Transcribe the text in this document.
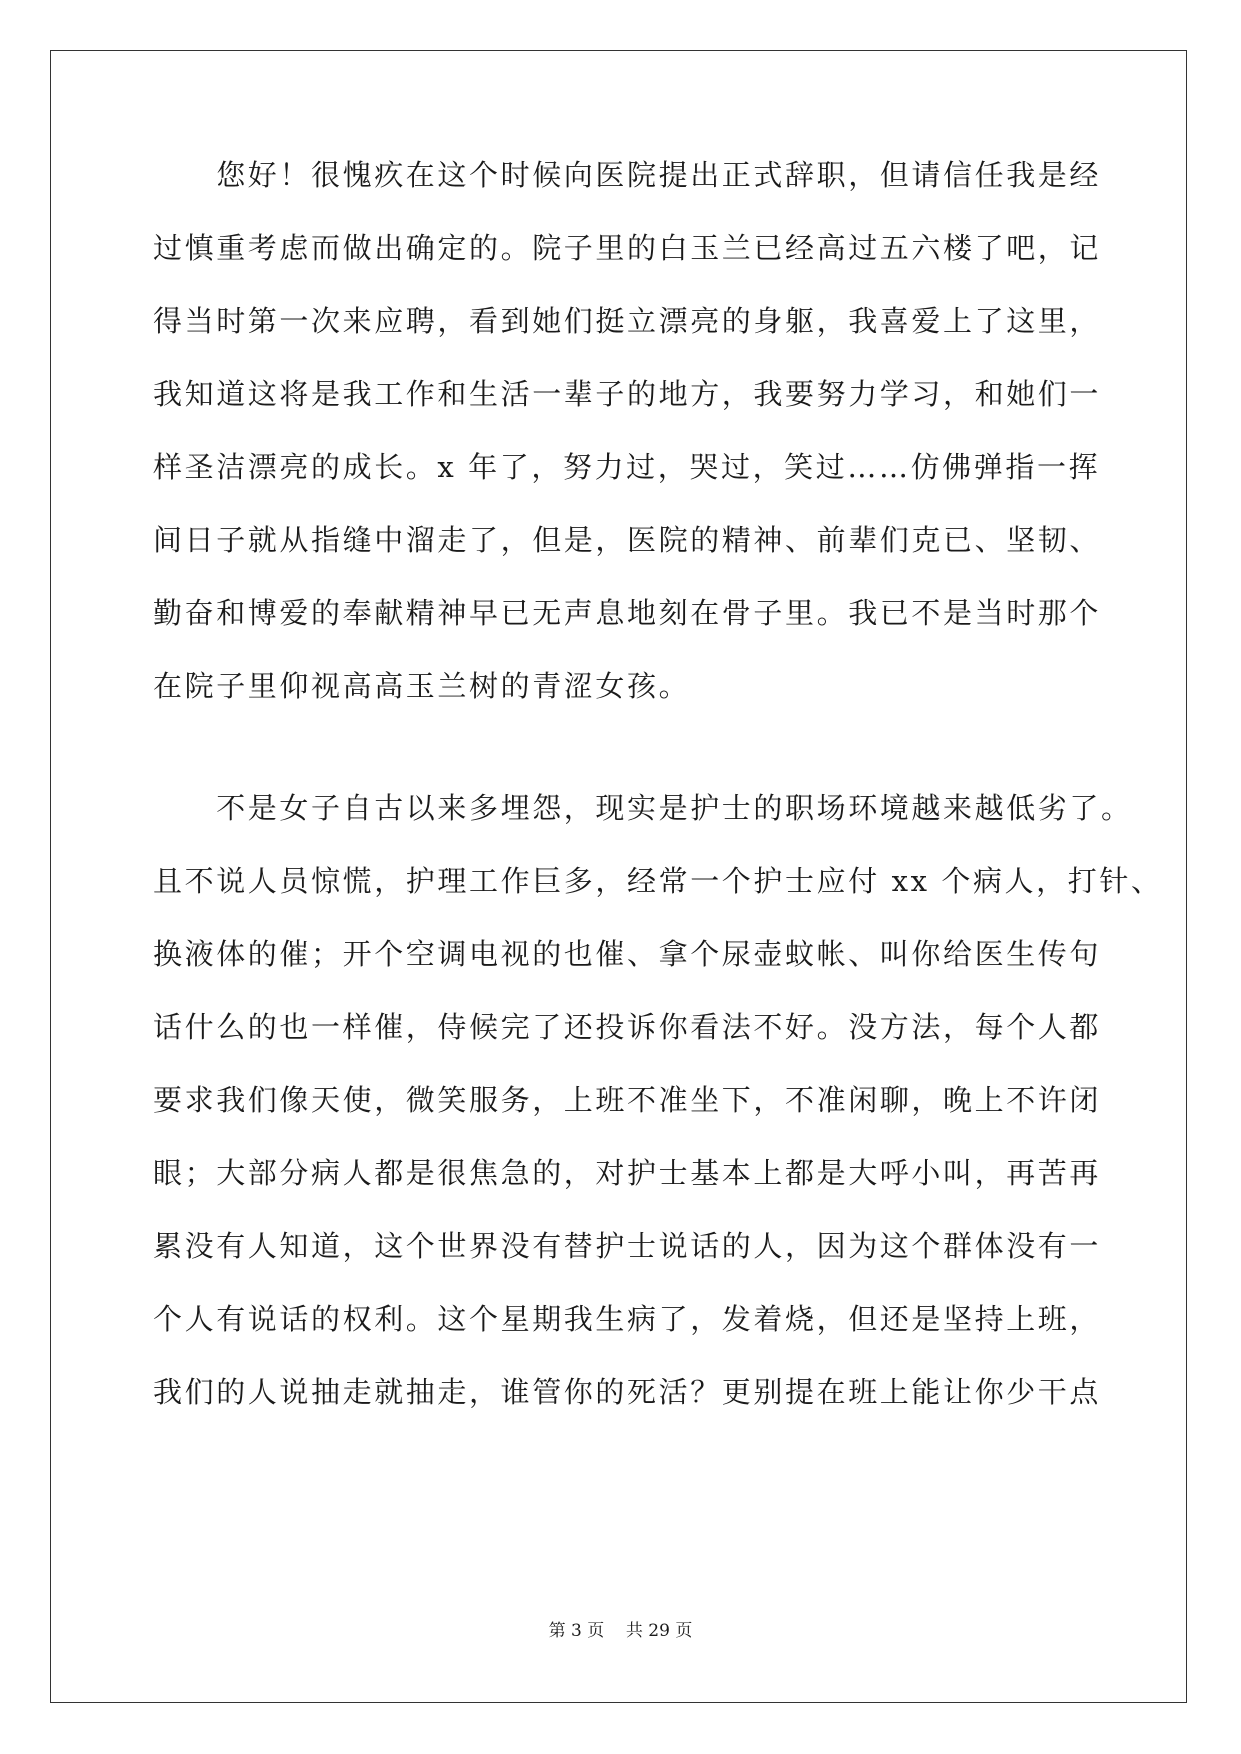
　　您好！很愧疚在这个时候向医院提出正式辞职，但请信任我是经
过慎重考虑而做出确定的。院子里的白玉兰已经高过五六楼了吧，记
得当时第一次来应聘，看到她们挺立漂亮的身躯，我喜爱上了这里，
我知道这将是我工作和生活一辈子的地方，我要努力学习，和她们一
样圣洁漂亮的成长。x 年了，努力过，哭过，笑过……仿佛弹指一挥
间日子就从指缝中溜走了，但是，医院的精神、前辈们克已、坚韧、
勤奋和博爱的奉献精神早已无声息地刻在骨子里。我已不是当时那个
在院子里仰视高高玉兰树的青涩女孩。
　　不是女子自古以来多埋怨，现实是护士的职场环境越来越低劣了。
且不说人员惊慌，护理工作巨多，经常一个护士应付 xx 个病人，打针、
换液体的催；开个空调电视的也催、拿个尿壶蚊帐、叫你给医生传句
话什么的也一样催，侍候完了还投诉你看法不好。没方法，每个人都
要求我们像天使，微笑服务，上班不准坐下，不准闲聊，晚上不许闭
眼；大部分病人都是很焦急的，对护士基本上都是大呼小叫，再苦再
累没有人知道，这个世界没有替护士说话的人，因为这个群体没有一
个人有说话的权利。这个星期我生病了，发着烧，但还是坚持上班，
我们的人说抽走就抽走，谁管你的死活？更别提在班上能让你少干点
第 3 页    共 29 页
